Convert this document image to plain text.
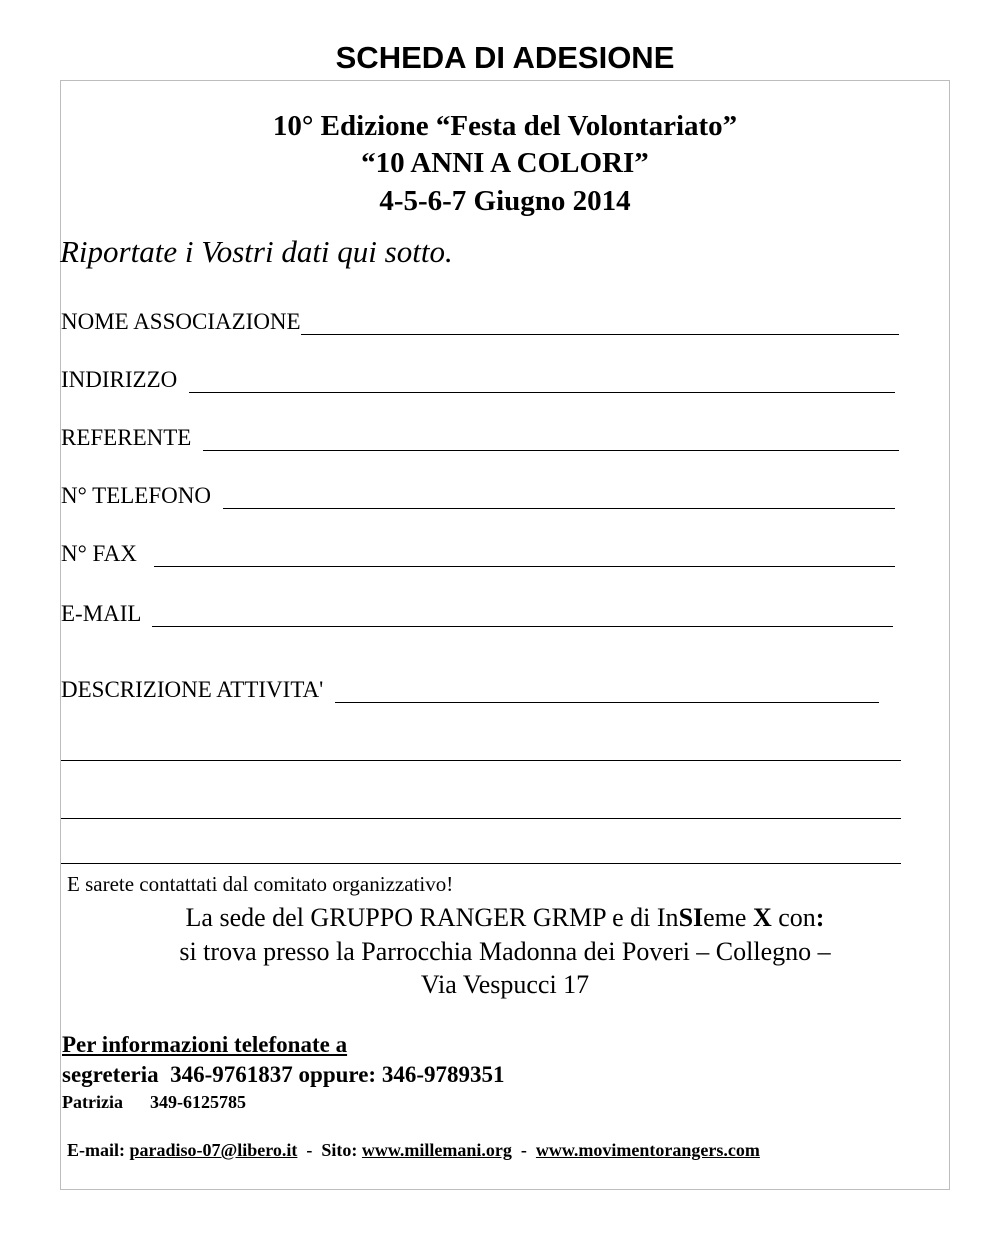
SCHEDA DI ADESIONE
10° Edizione “Festa del Volontariato”
“10 ANNI A COLORI”
4-5-6-7 Giugno 2014
Riportate i Vostri dati qui sotto.
NOME ASSOCIAZIONE
INDIRIZZO
REFERENTE
N° TELEFONO
N° FAX
E-MAIL
DESCRIZIONE ATTIVITA'
E sarete contattati dal comitato organizzativo!
La sede del GRUPPO RANGER GRMP e di InSIeme X con:
si trova presso la Parrocchia Madonna dei Poveri – Collegno –
Via Vespucci 17
Per informazioni telefonate a
segreteria  346-9761837 oppure: 346-9789351
Patrizia      349-6125785
E-mail: paradiso-07@libero.it  -  Sito: www.millemani.org  -  www.movimentorangers.com
